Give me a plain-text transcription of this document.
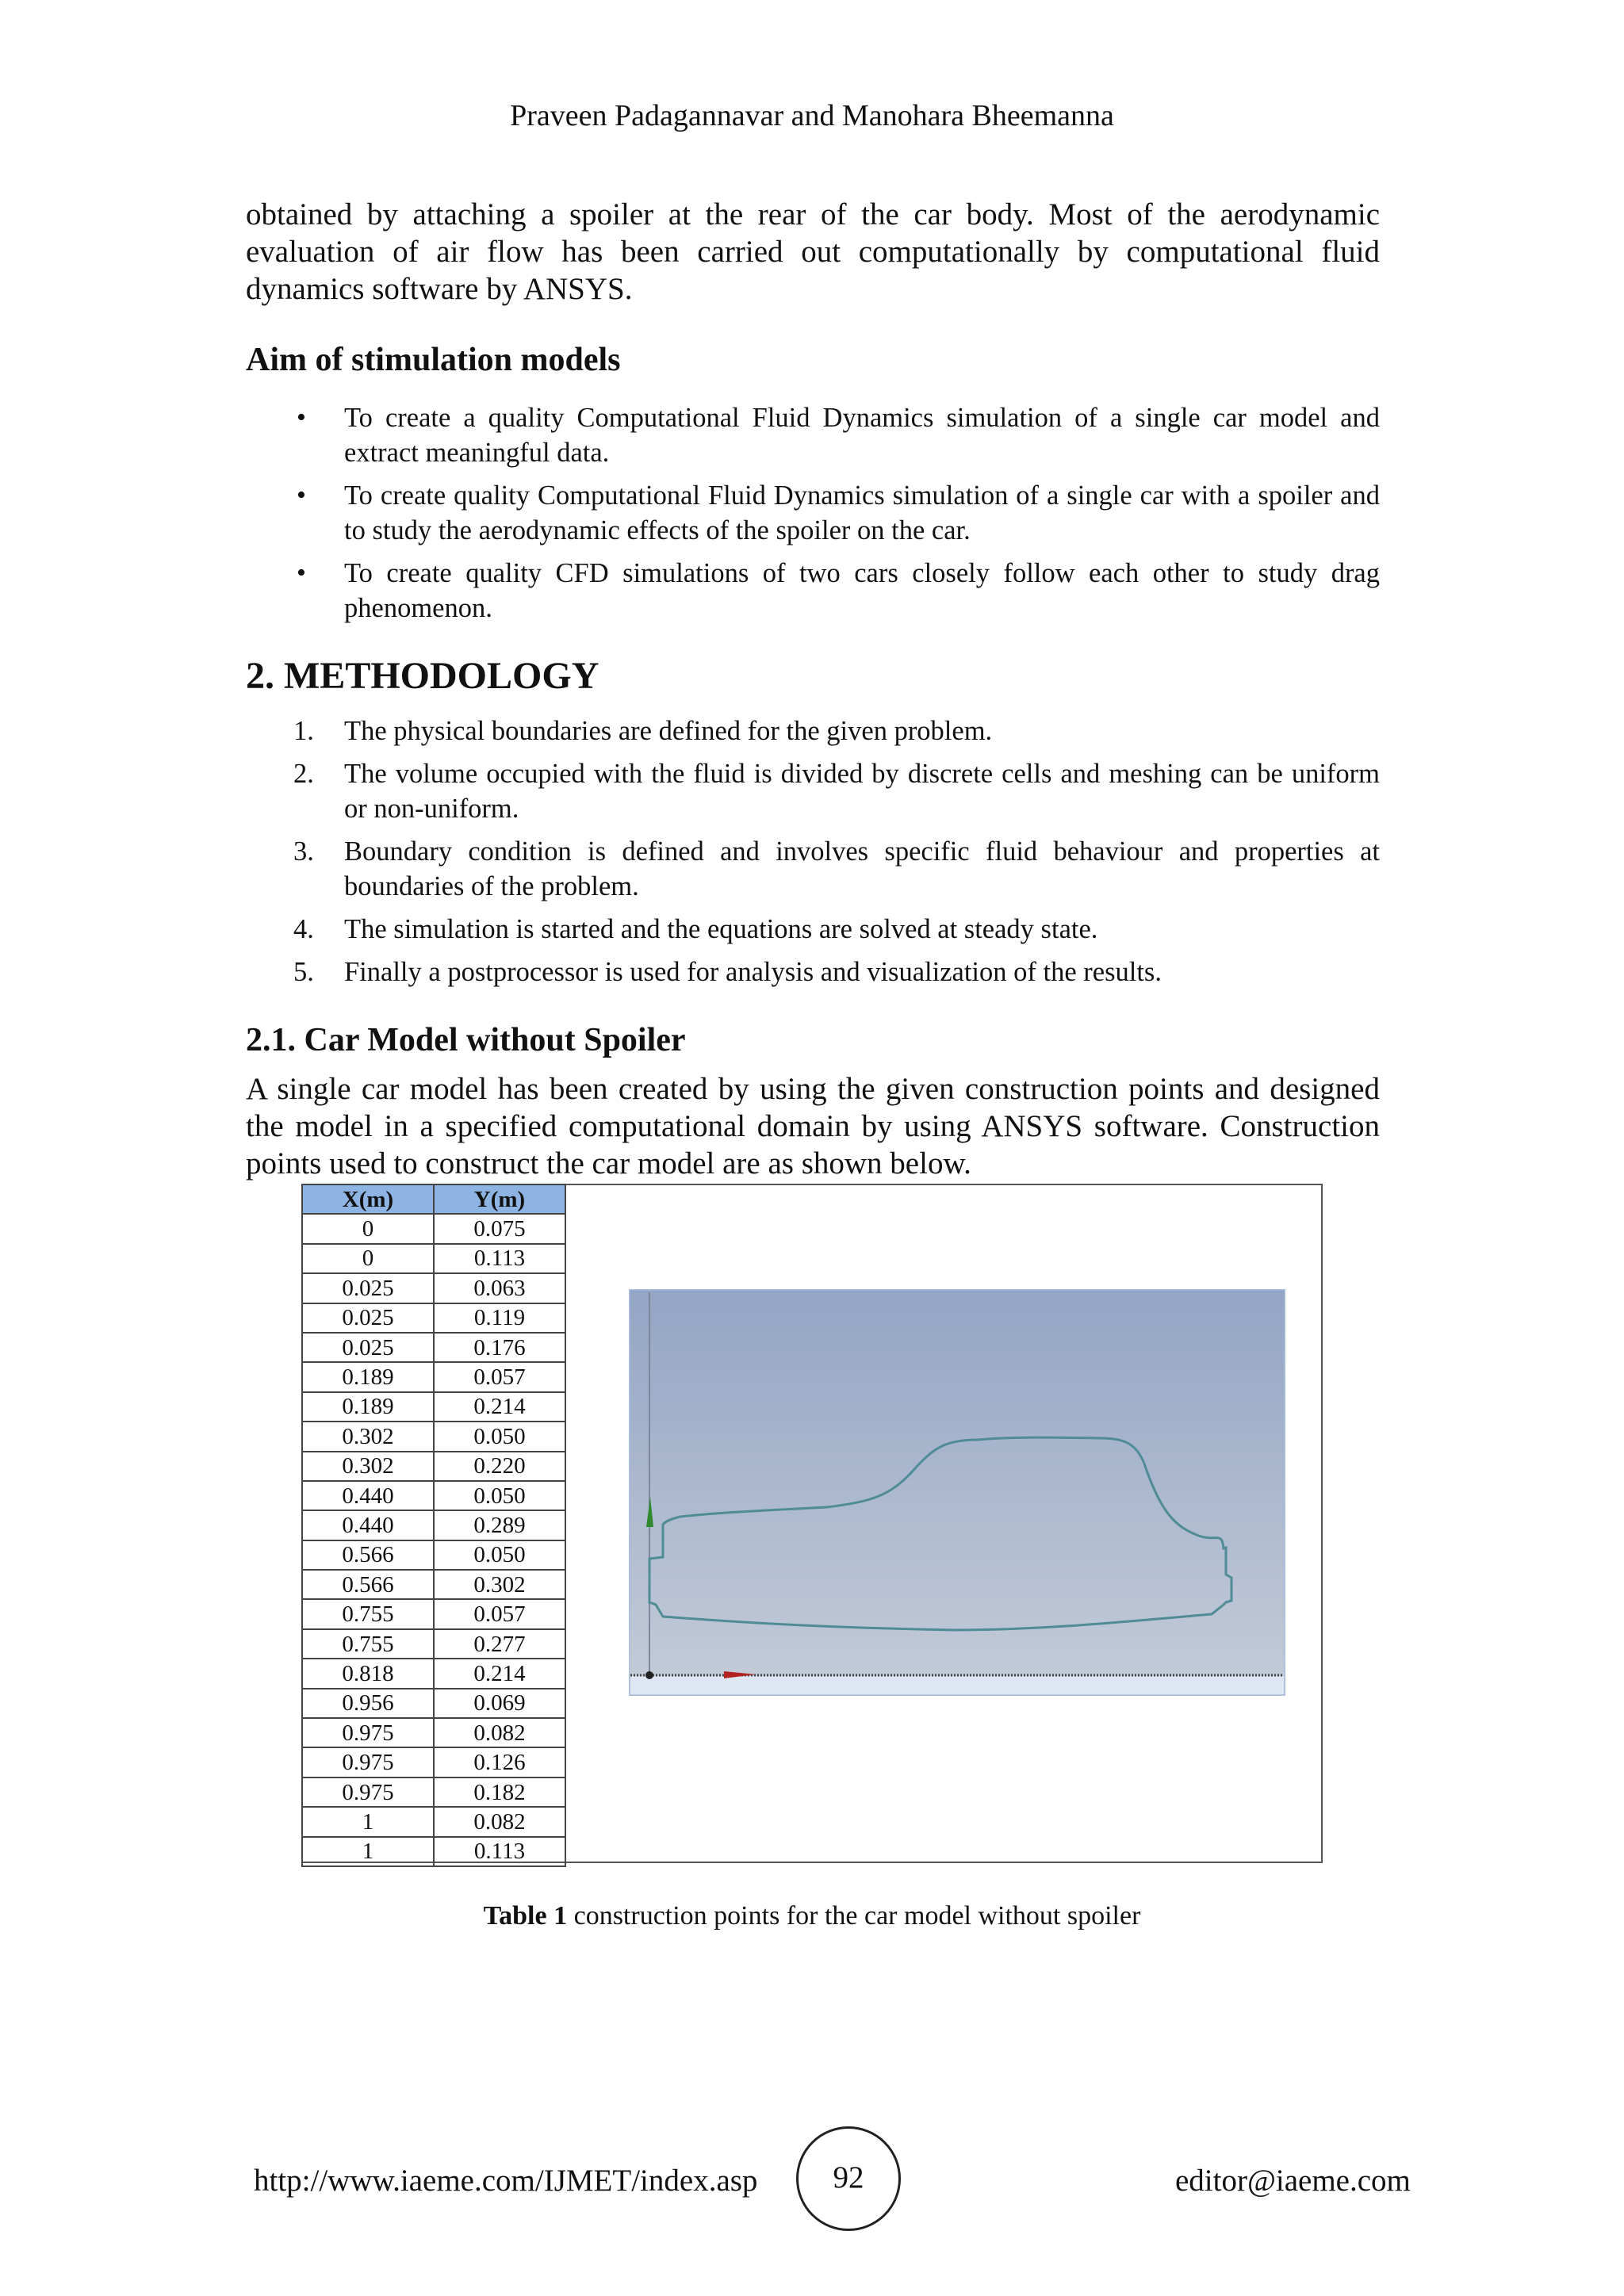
Praveen Padagannavar and Manohara Bheemanna
obtained by attaching a spoiler at the rear of the car body. Most of the aerodynamic evaluation of air flow has been carried out computationally by computational fluid dynamics software by ANSYS.
Aim of stimulation models
• To create a quality Computational Fluid Dynamics simulation of a single car model and extract meaningful data.
• To create quality Computational Fluid Dynamics simulation of a single car with a spoiler and to study the aerodynamic effects of the spoiler on the car.
• To create quality CFD simulations of two cars closely follow each other to study drag phenomenon.
2. METHODOLOGY
1. The physical boundaries are defined for the given problem.
2. The volume occupied with the fluid is divided by discrete cells and meshing can be uniform or non-uniform.
3. Boundary condition is defined and involves specific fluid behaviour and properties at boundaries of the problem.
4. The simulation is started and the equations are solved at steady state.
5. Finally a postprocessor is used for analysis and visualization of the results.
2.1. Car Model without Spoiler
A single car model has been created by using the given construction points and designed the model in a specified computational domain by using ANSYS software. Construction points used to construct the car model are as shown below.
X(m)	Y(m)
0	0.075
0	0.113
0.025	0.063
0.025	0.119
0.025	0.176
0.189	0.057
0.189	0.214
0.302	0.050
0.302	0.220
0.440	0.050
0.440	0.289
0.566	0.050
0.566	0.302
0.755	0.057
0.755	0.277
0.818	0.214
0.956	0.069
0.975	0.082
0.975	0.126
0.975	0.182
1	0.082
1	0.113
Table 1 construction points for the car model without spoiler
http://www.iaeme.com/IJMET/index.asp	92	editor@iaeme.com
